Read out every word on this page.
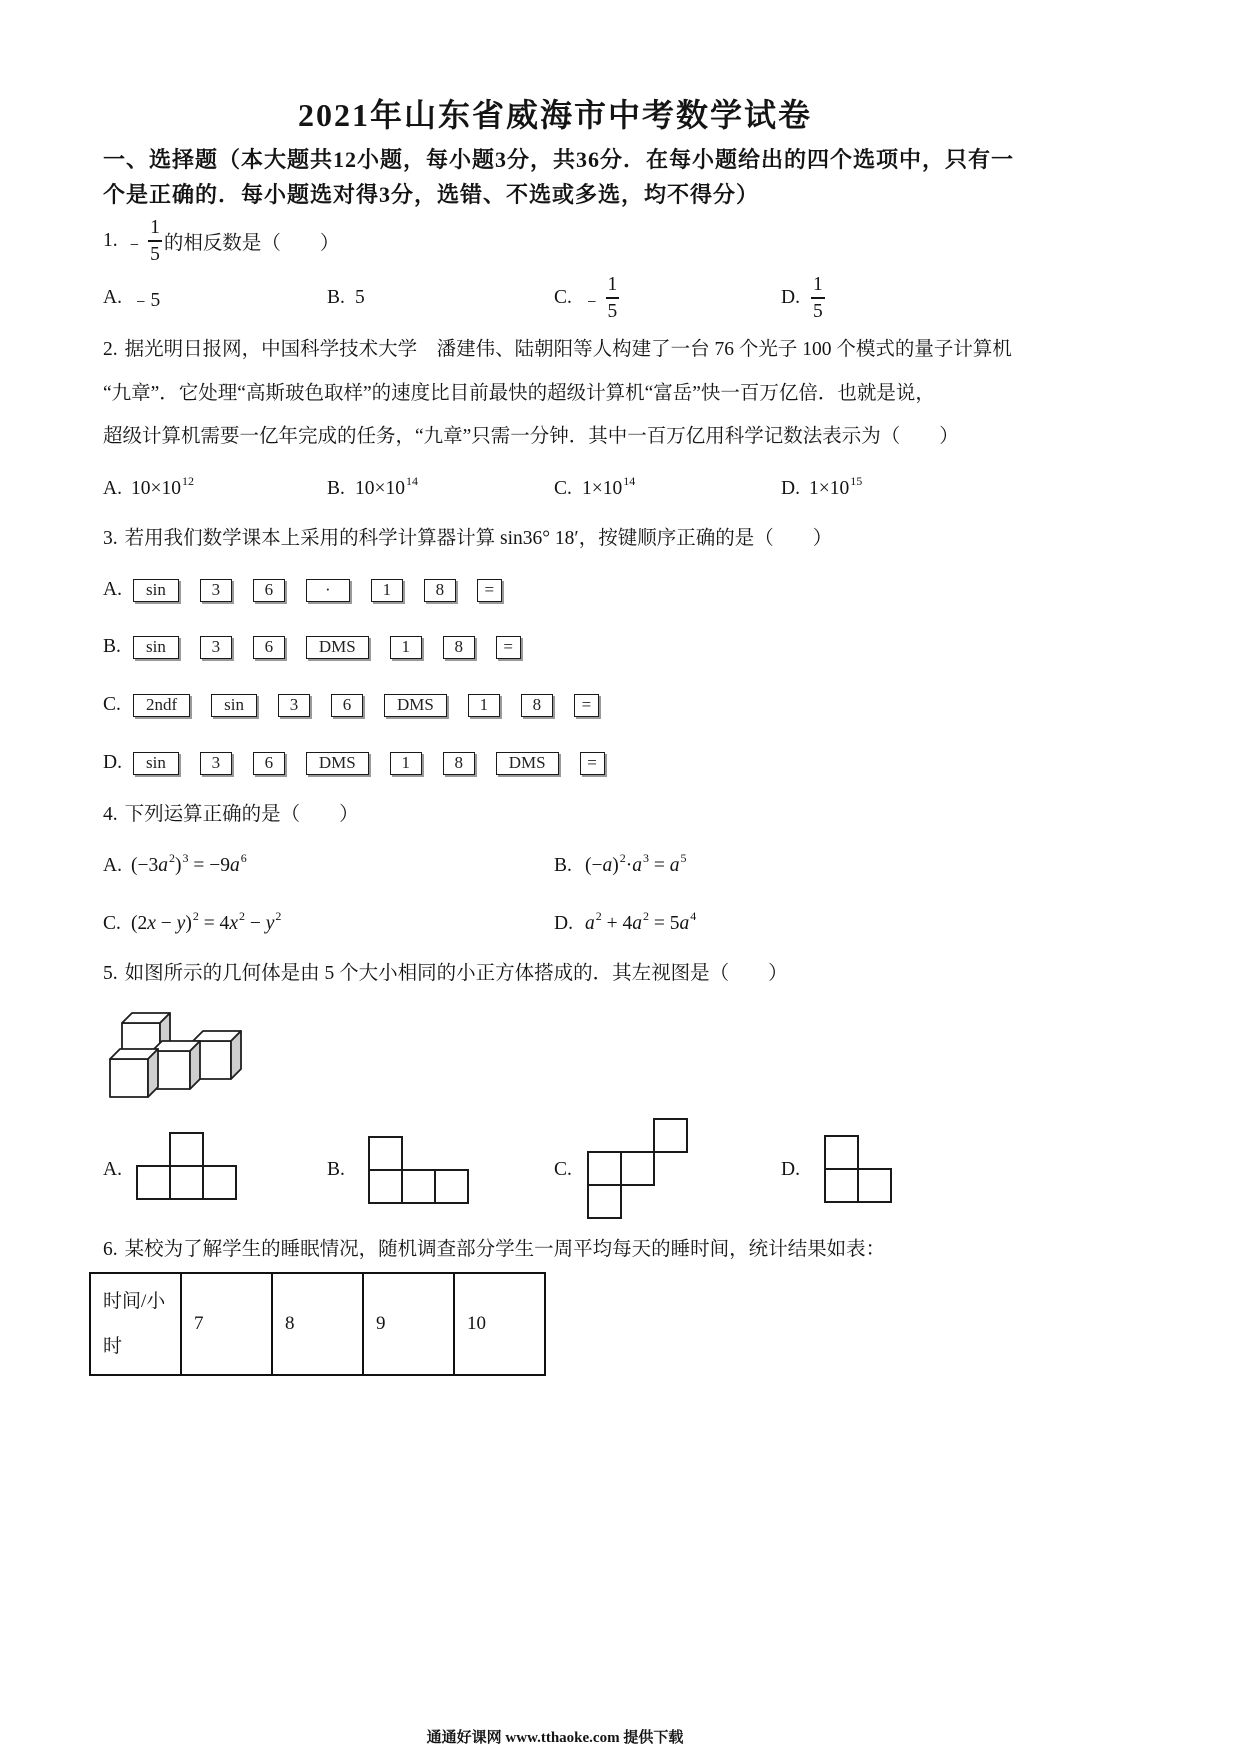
2021年山东省威海市中考数学试卷
一、选择题（本大题共12小题，每小题3分，共36分．在每小题给出的四个选项中，只有一
个是正确的．每小题选对得3分，选错、不选或多选，均不得分）
1. ﹣ $\frac{1}{5}$ 的相反数是（　　）
A. ﹣5	B. 5	C. ﹣ $\frac{1}{5}$	D. $\frac{1}{5}$
2. 据光明日报网，中国科学技术大学　潘建伟、陆朝阳等人构建了一台 76 个光子 100 个模式的量子计算机
“九章”．它处理“高斯玻色取样”的速度比目前最快的超级计算机“富岳”快一百万亿倍．也就是说，
超级计算机需要一亿年完成的任务，“九章”只需一分钟．其中一百万亿用科学记数法表示为（　　）
A. $10\times 10^{12}$	B. $10\times 10^{14}$	C. $1\times 10^{14}$	D. $1\times 10^{15}$
3. 若用我们数学课本上采用的科学计算器计算 sin36° 18′，按键顺序正确的是（　　）
A.	sin	3	6	·	1	8	=
B.	sin	3	6	DMS	1	8	=
C.	2ndf	sin	3	6	DMS	1	8	=
D.	sin	3	6	DMS	1	8	DMS	=
4. 下列运算正确的是（　　）
A. $(-3a^2)^3 = -9a^6$	B. $(-a)^2\cdot a^3 = a^5$
C. $(2x - y)^2 = 4x^2 - y^2$	D. $a^2 + 4a^2 = 5a^4$
5. 如图所示的几何体是由 5 个大小相同的小正方体搭成的．其左视图是（　　）
A.	B.	C.	D.
6. 某校为了解学生的睡眠情况，随机调查部分学生一周平均每天的睡时间，统计结果如表：
时间/小时	7	8	9	10
通通好课网 www.tthaoke.com 提供下载
